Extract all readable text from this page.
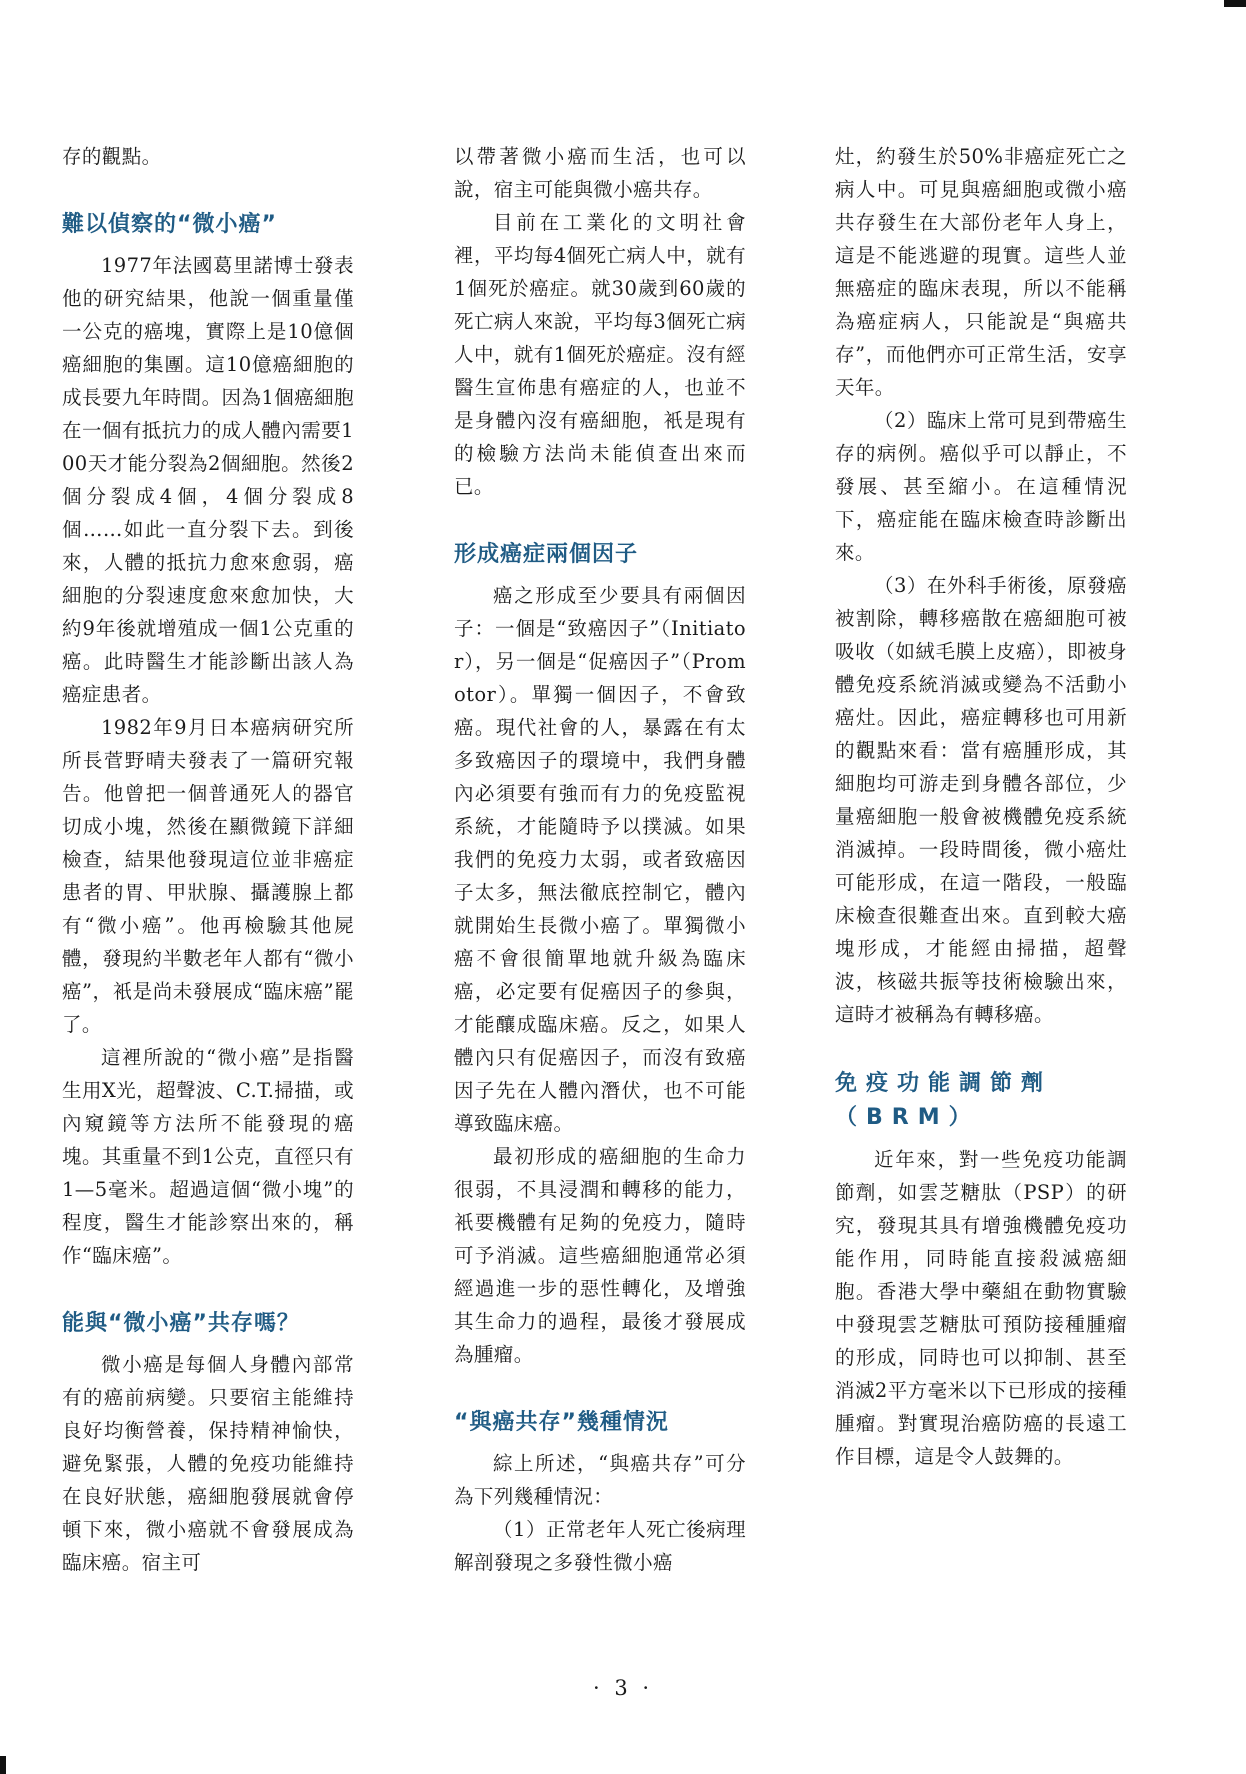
存的觀點。

難以偵察的“微小癌”

1977年法國葛里諾博士發表他的研究結果，他說一個重量僅一公克的癌塊，實際上是10億個癌細胞的集團。這10億癌細胞的成長要九年時間。因為1個癌細胞在一個有抵抗力的成人體內需要100天才能分裂為2個細胞。然後2個分裂成4個，4個分裂成8個……如此一直分裂下去。到後來，人體的抵抗力愈來愈弱，癌細胞的分裂速度愈來愈加快，大約9年後就增殖成一個1公克重的癌。此時醫生才能診斷出該人為癌症患者。

1982年9月日本癌病研究所所長菅野晴夫發表了一篇研究報告。他曾把一個普通死人的器官切成小塊，然後在顯微鏡下詳細檢查，結果他發現這位並非癌症患者的胃、甲狀腺、攝護腺上都有“微小癌”。他再檢驗其他屍體，發現約半數老年人都有“微小癌”，衹是尚未發展成“臨床癌”罷了。

這裡所說的“微小癌”是指醫生用X光，超聲波、C.T.掃描，或內窺鏡等方法所不能發現的癌塊。其重量不到1公克，直徑只有1—5毫米。超過這個“微小塊”的程度，醫生才能診察出來的，稱作“臨床癌”。

能與“微小癌”共存嗎？

微小癌是每個人身體內部常有的癌前病變。只要宿主能維持良好均衡營養，保持精神愉快，避免緊張，人體的免疫功能維持在良好狀態，癌細胞發展就會停頓下來，微小癌就不會發展成為臨床癌。宿主可

以帶著微小癌而生活，也可以說，宿主可能與微小癌共存。

目前在工業化的文明社會裡，平均每4個死亡病人中，就有1個死於癌症。就30歲到60歲的死亡病人來說，平均每3個死亡病人中，就有1個死於癌症。沒有經醫生宣佈患有癌症的人，也並不是身體內沒有癌細胞，衹是現有的檢驗方法尚未能偵查出來而已。

形成癌症兩個因子

癌之形成至少要具有兩個因子：一個是“致癌因子”（Initiator），另一個是“促癌因子”（Promotor）。單獨一個因子，不會致癌。現代社會的人，暴露在有太多致癌因子的環境中，我們身體內必須要有強而有力的免疫監視系統，才能隨時予以撲滅。如果我們的免疫力太弱，或者致癌因子太多，無法徹底控制它，體內就開始生長微小癌了。單獨微小癌不會很簡單地就升級為臨床癌，必定要有促癌因子的參與，才能釀成臨床癌。反之，如果人體內只有促癌因子，而沒有致癌因子先在人體內潛伏，也不可能導致臨床癌。

最初形成的癌細胞的生命力很弱，不具浸潤和轉移的能力，衹要機體有足夠的免疫力，隨時可予消滅。這些癌細胞通常必須經過進一步的惡性轉化，及增強其生命力的過程，最後才發展成為腫瘤。

“與癌共存”幾種情況

綜上所述，“與癌共存”可分為下列幾種情況：

（1）正常老年人死亡後病理解剖發現之多發性微小癌

灶，約發生於50%非癌症死亡之病人中。可見與癌細胞或微小癌共存發生在大部份老年人身上，這是不能逃避的現實。這些人並無癌症的臨床表現，所以不能稱為癌症病人，只能說是“與癌共存”，而他們亦可正常生活，安享天年。

（2）臨床上常可見到帶癌生存的病例。癌似乎可以靜止，不發展、甚至縮小。在這種情況下，癌症能在臨床檢查時診斷出來。

（3）在外科手術後，原發癌被割除，轉移癌散在癌細胞可被吸收（如絨毛膜上皮癌），即被身體免疫系統消滅或變為不活動小癌灶。因此，癌症轉移也可用新的觀點來看：當有癌腫形成，其細胞均可游走到身體各部位，少量癌細胞一般會被機體免疫系統消滅掉。一段時間後，微小癌灶可能形成，在這一階段，一般臨床檢查很難查出來。直到較大癌塊形成，才能經由掃描，超聲波，核磁共振等技術檢驗出來，這時才被稱為有轉移癌。

免疫功能調節劑（BRM）

近年來，對一些免疫功能調節劑，如雲芝糖肽（PSP）的研究，發現其具有增強機體免疫功能作用，同時能直接殺滅癌細胞。香港大學中藥組在動物實驗中發現雲芝糖肽可預防接種腫瘤的形成，同時也可以抑制、甚至消滅2平方毫米以下已形成的接種腫瘤。對實現治癌防癌的長遠工作目標，這是令人鼓舞的。

· 3 ·
